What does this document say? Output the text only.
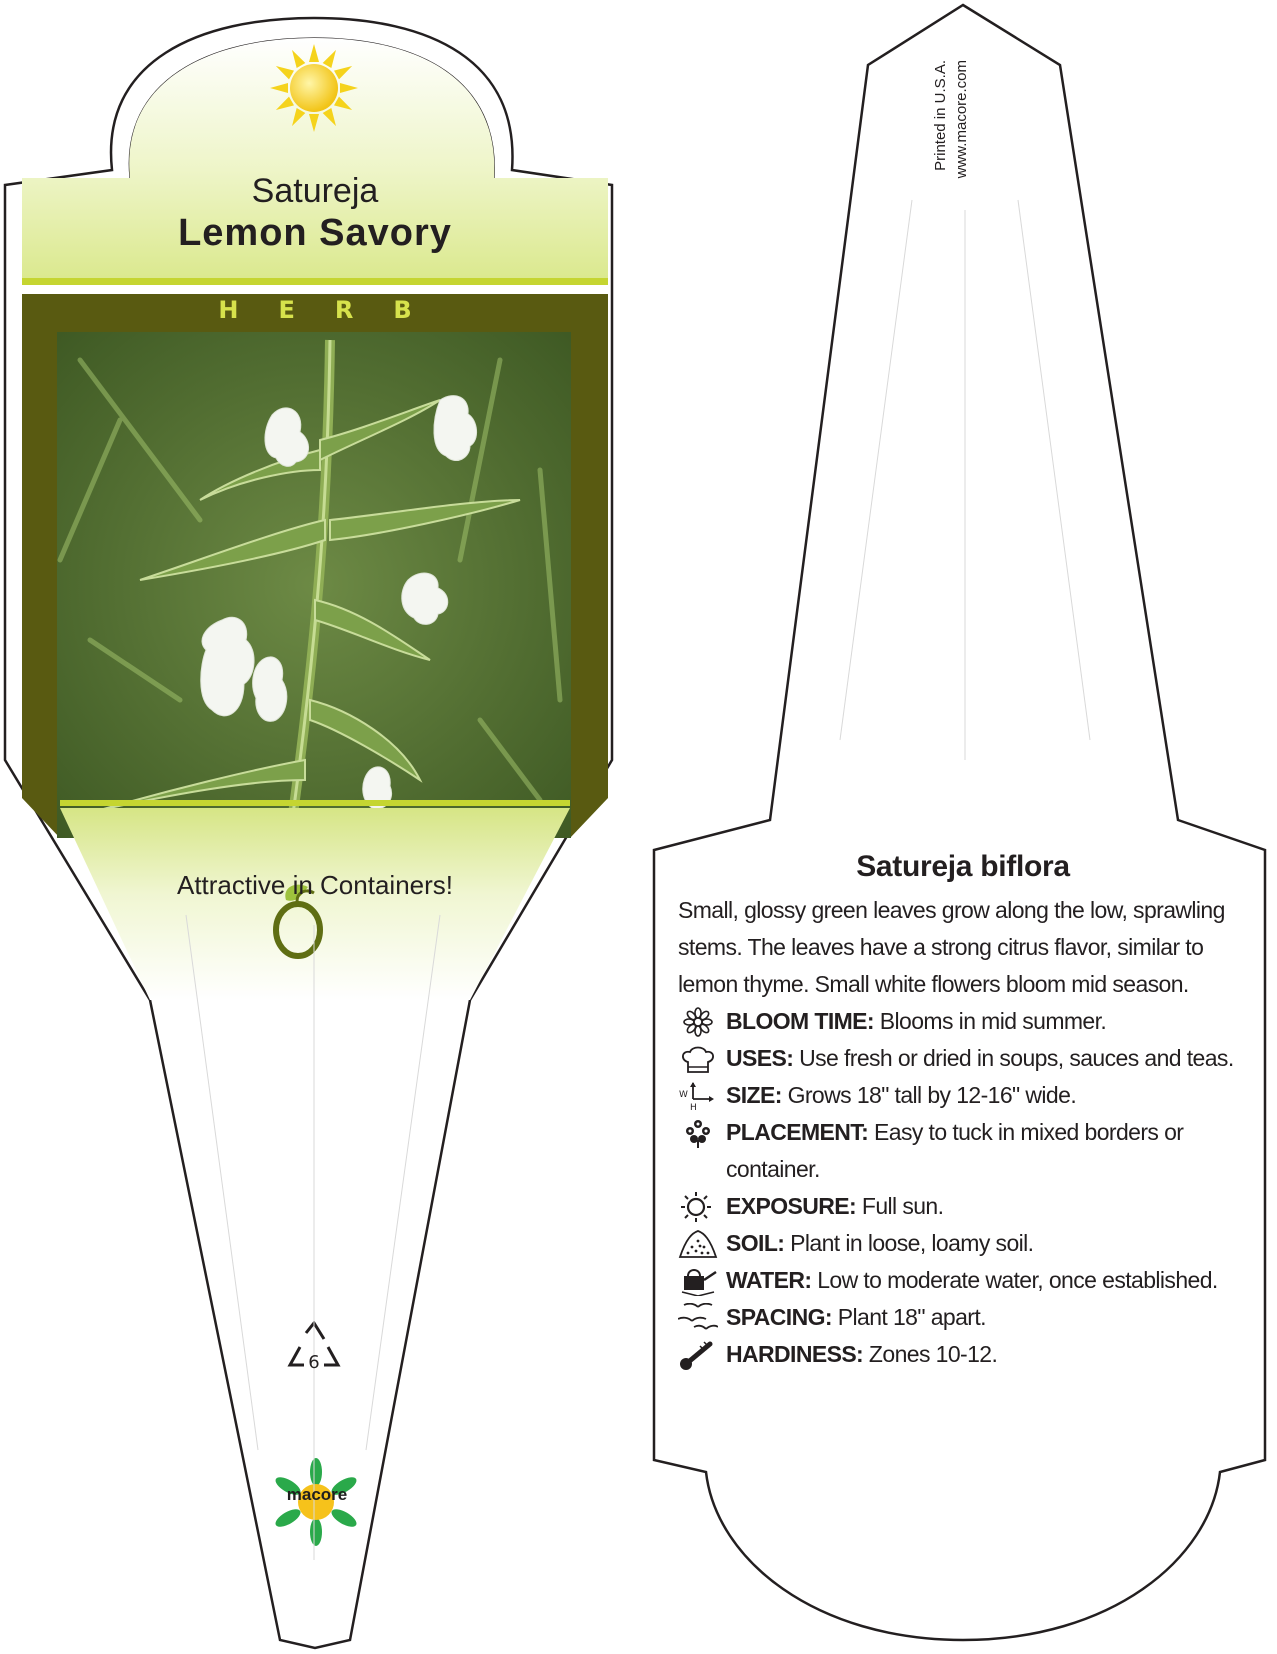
Satureja
Lemon Savory
HERB
Attractive in Containers!
6
macore
Printed in U.S.A. www.macore.com
Satureja biflora

Small, glossy green leaves grow along the low, sprawling stems. The leaves have a strong citrus flavor, similar to lemon thyme. Small white flowers bloom mid season.

BLOOM TIME: Blooms in mid summer.
USES: Use fresh or dried in soups, sauces and teas.
W
H SIZE: Grows 18" tall by 12-16" wide.
PLACEMENT: Easy to tuck in mixed borders or container.
EXPOSURE: Full sun.
SOIL: Plant in loose, loamy soil.
WATER: Low to moderate water, once established.
SPACING: Plant 18" apart.
HARDINESS: Zones 10-12.
